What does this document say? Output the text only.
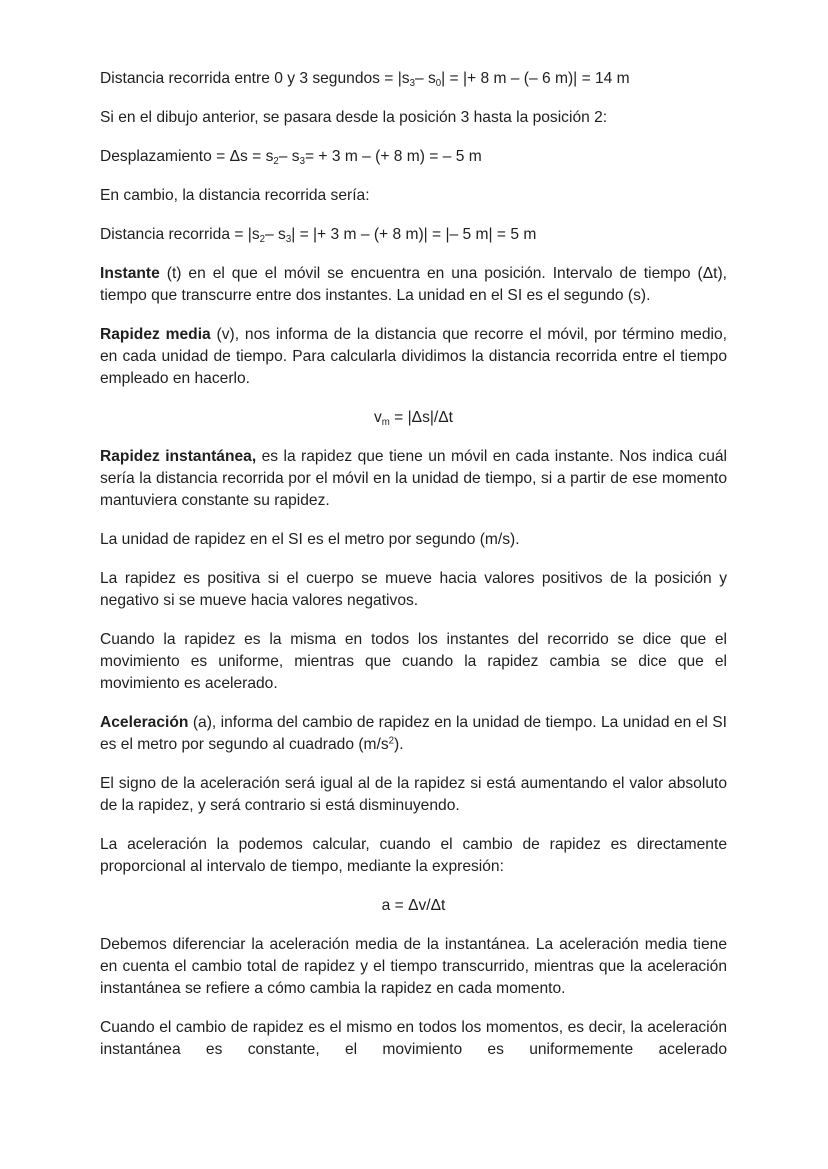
Distancia recorrida entre 0 y 3 segundos = $|s_3-$ $s_0|$ = |+ 8 m – (– 6 m)| = 14 m

Si en el dibujo anterior, se pasara desde la posición 3 hasta la posición 2:

Desplazamiento = $\Delta s = s_2-$ $s_3= + 3$ m – (+ 8 m) = – 5 m

En cambio, la distancia recorrida sería:

Distancia recorrida = $|s_2-$ $s_3|$ = |+ 3 m – (+ 8 m)| = |– 5 m| = 5 m

Instante (t) en el que el móvil se encuentra en una posición. Intervalo de tiempo (Δt), tiempo que transcurre entre dos instantes. La unidad en el SI es el segundo (s).

Rapidez media (v), nos informa de la distancia que recorre el móvil, por término medio, en cada unidad de tiempo. Para calcularla dividimos la distancia recorrida entre el tiempo empleado en hacerlo.

$v_m = |\Delta s|/\Delta t$

Rapidez instantánea, es la rapidez que tiene un móvil en cada instante. Nos indica cuál sería la distancia recorrida por el móvil en la unidad de tiempo, si a partir de ese momento mantuviera constante su rapidez.

La unidad de rapidez en el SI es el metro por segundo (m/s).

La rapidez es positiva si el cuerpo se mueve hacia valores positivos de la posición y negativo si se mueve hacia valores negativos.

Cuando la rapidez es la misma en todos los instantes del recorrido se dice que el movimiento es uniforme, mientras que cuando la rapidez cambia se dice que el movimiento es acelerado.

Aceleración (a), informa del cambio de rapidez en la unidad de tiempo. La unidad en el SI es el metro por segundo al cuadrado $(m/s^2)$.

El signo de la aceleración será igual al de la rapidez si está aumentando el valor absoluto de la rapidez, y será contrario si está disminuyendo.

La aceleración la podemos calcular, cuando el cambio de rapidez es directamente proporcional al intervalo de tiempo, mediante la expresión:

a = Δv/Δt

Debemos diferenciar la aceleración media de la instantánea. La aceleración media tiene en cuenta el cambio total de rapidez y el tiempo transcurrido, mientras que la aceleración instantánea se refiere a cómo cambia la rapidez en cada momento.

Cuando el cambio de rapidez es el mismo en todos los momentos, es decir, la aceleración instantánea es constante, el movimiento es uniformemente acelerado
